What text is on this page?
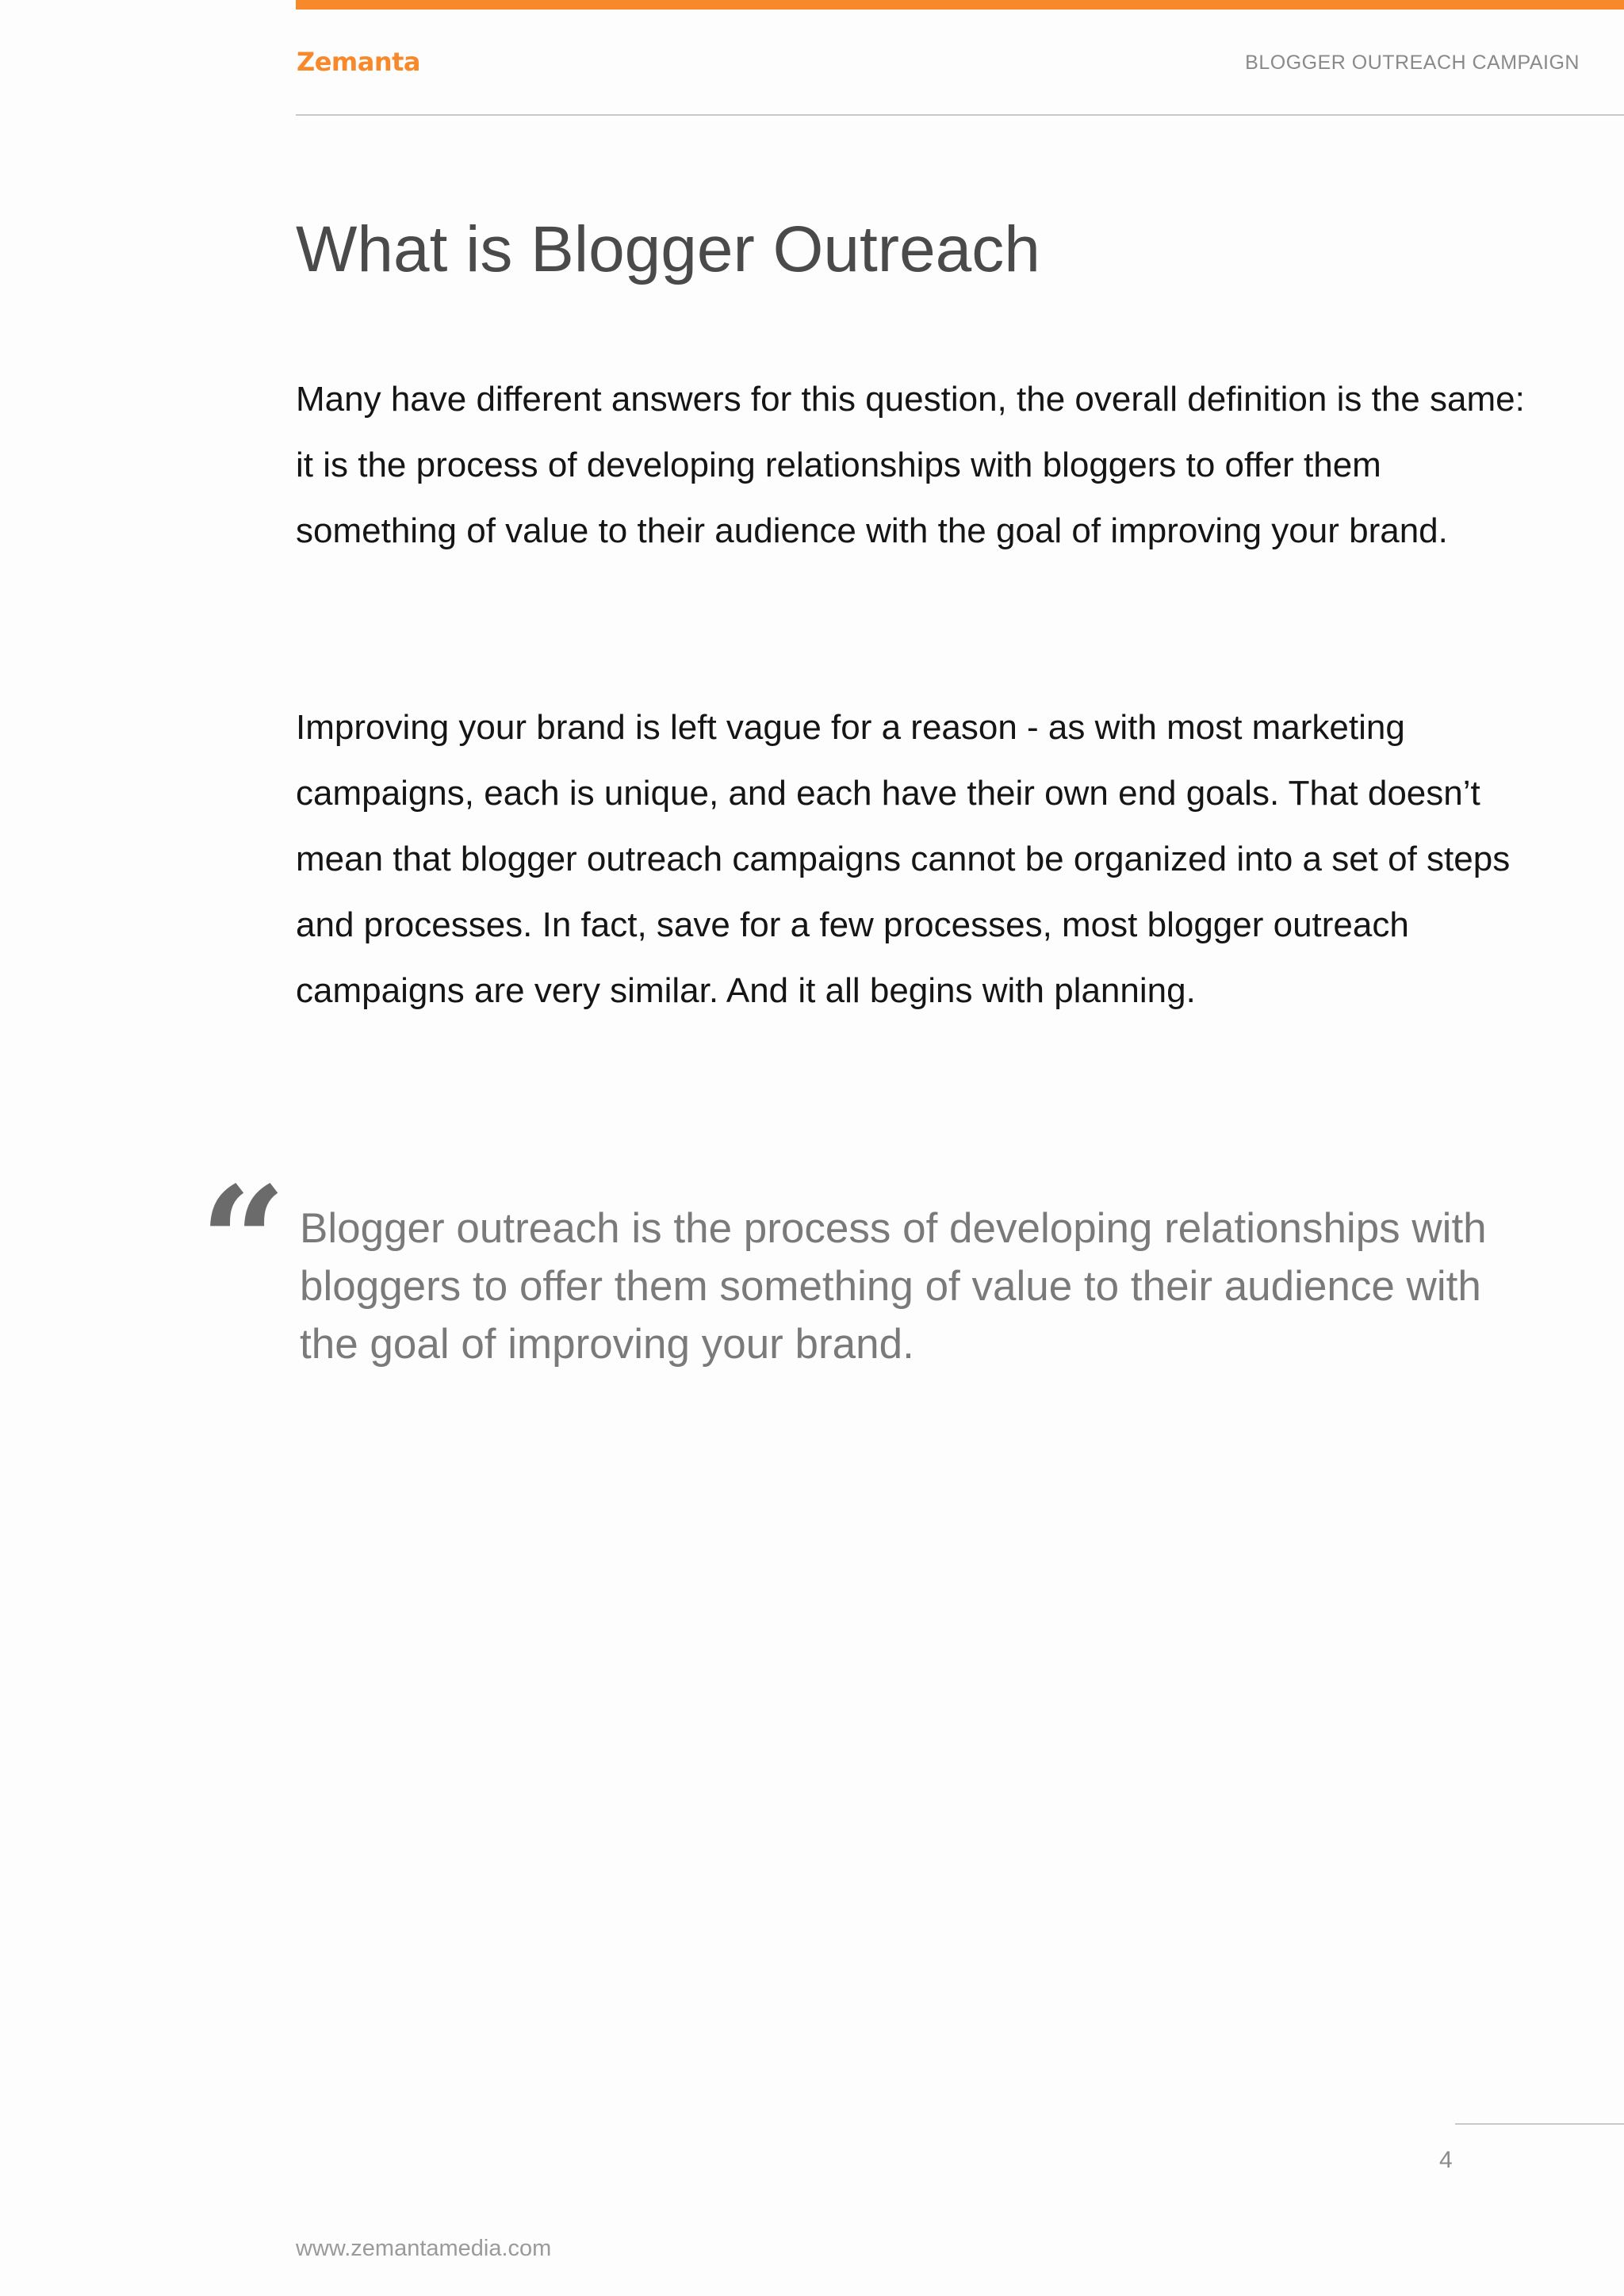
Zemanta	BLOGGER OUTREACH CAMPAIGN
What is Blogger Outreach

Many have different answers for this question, the overall definition is the same: it is the process of developing relationships with bloggers to offer them something of value to their audience with the goal of improving your brand.

Improving your brand is left vague for a reason - as with most marketing campaigns, each is unique, and each have their own end goals. That doesn’t mean that blogger outreach campaigns cannot be organized into a set of steps and processes. In fact, save for a few processes, most blogger outreach campaigns are very similar. And it all begins with planning.

“ Blogger outreach is the process of developing relationships with bloggers to offer them something of value to their audience with the goal of improving your brand.

4
www.zemantamedia.com
